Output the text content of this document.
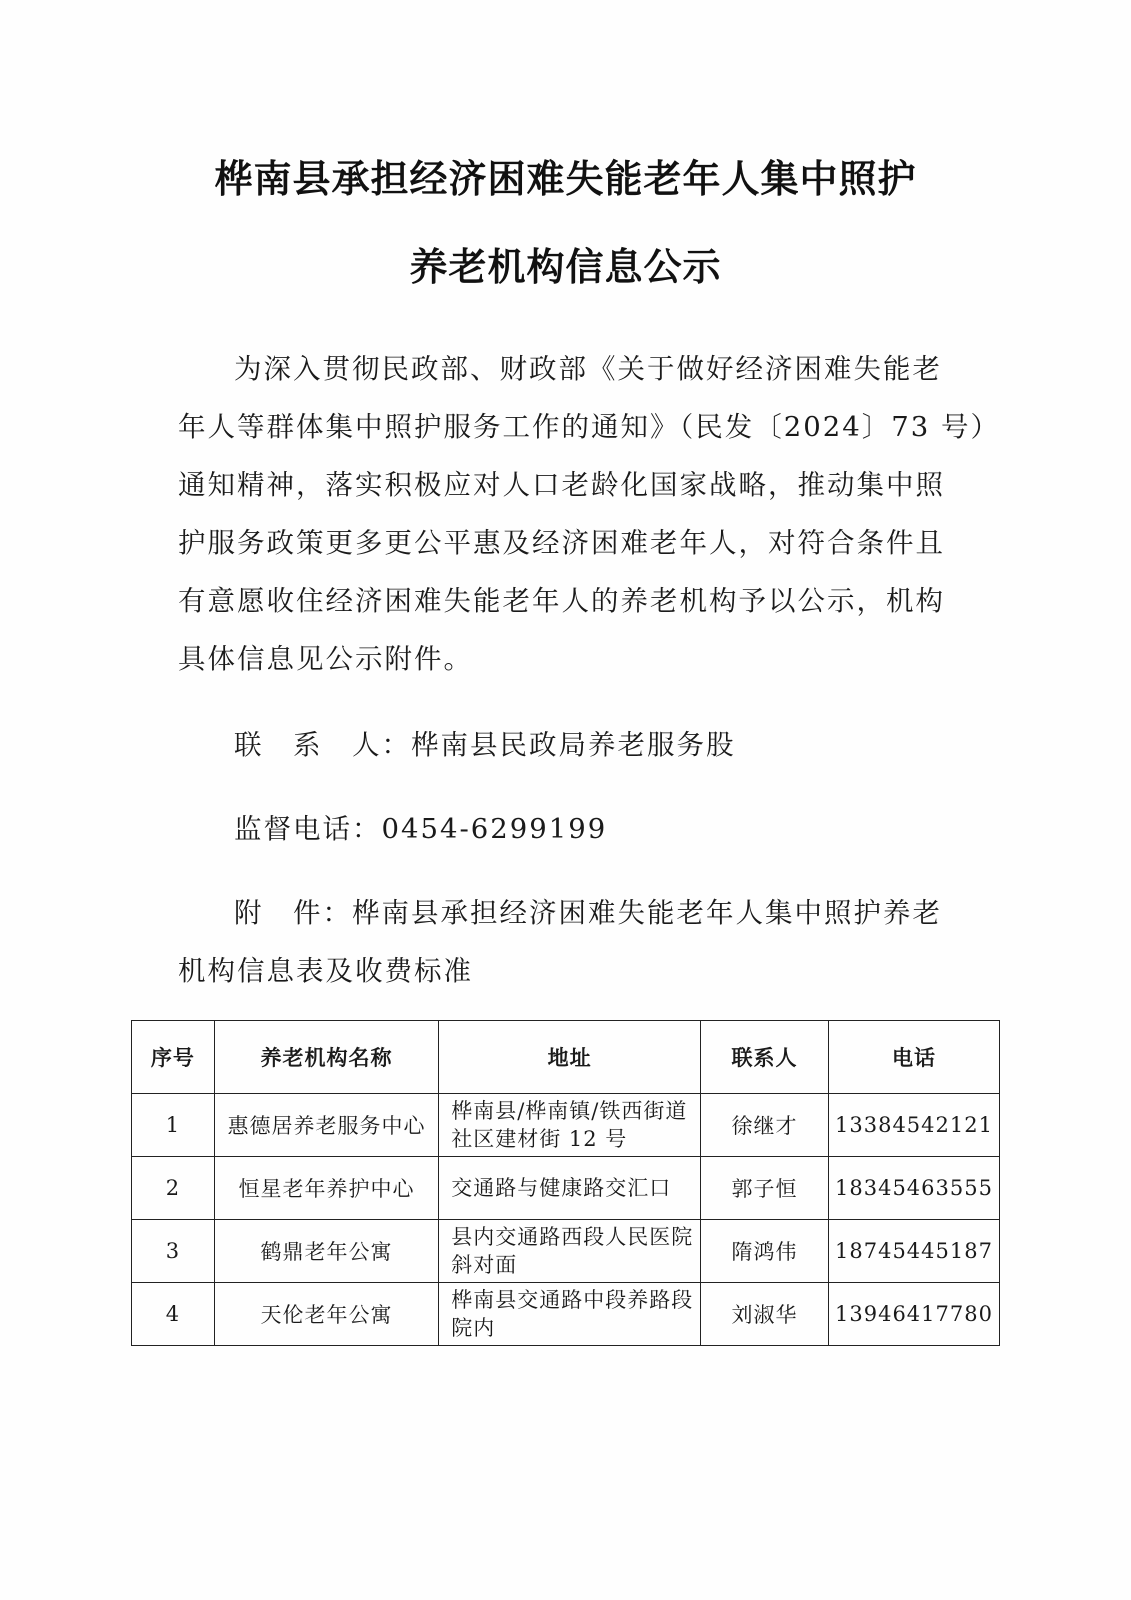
桦南县承担经济困难失能老年人集中照护
养老机构信息公示
为深入贯彻民政部、财政部《关于做好经济困难失能老
年人等群体集中照护服务工作的通知》（民发〔2024〕73 号）
通知精神，落实积极应对人口老龄化国家战略，推动集中照
护服务政策更多更公平惠及经济困难老年人，对符合条件且
有意愿收住经济困难失能老年人的养老机构予以公示，机构
具体信息见公示附件。
联　系　人：桦南县民政局养老服务股
监督电话：0454-6299199
附　件：桦南县承担经济困难失能老年人集中照护养老
机构信息表及收费标准
序号	养老机构名称	地址	联系人	电话
1	惠德居养老服务中心	桦南县/桦南镇/铁西街道社区建材街 12 号	徐继才	13384542121
2	恒星老年养护中心	交通路与健康路交汇口	郭子恒	18345463555
3	鹤鼎老年公寓	县内交通路西段人民医院斜对面	隋鸿伟	18745445187
4	天伦老年公寓	桦南县交通路中段养路段院内	刘淑华	13946417780
